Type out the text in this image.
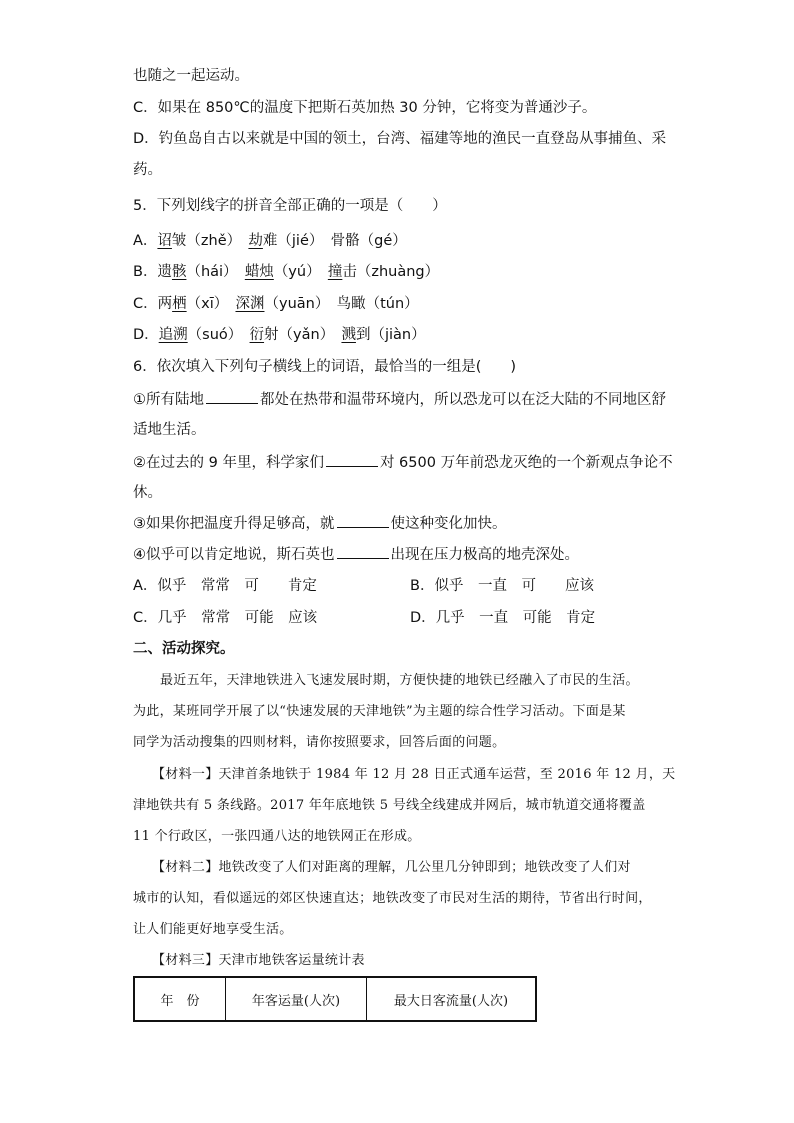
也随之一起运动。
C．如果在 850℃的温度下把斯石英加热 30 分钟，它将变为普通沙子。
D．钓鱼岛自古以来就是中国的领土，台湾、福建等地的渔民一直登岛从事捕鱼、采
药。
5．下列划线字的拼音全部正确的一项是（　　）
A．诏皱（zhě）　劫难（jié）　骨骼（gé）
B．遗骸（hái）　蜡烛（yú）　撞击（zhuàng）
C．两栖（xī）　深渊（yuān）　鸟瞰（tún）
D．追溯（suó）　衍射（yǎn）　溅到（jiàn）
6．依次填入下列句子横线上的词语，最恰当的一组是(　　)
①所有陆地	都处在热带和温带环境内，所以恐龙可以在泛大陆的不同地区舒
适地生活。
②在过去的 9 年里，科学家们	对 6500 万年前恐龙灭绝的一个新观点争论不
休。
③如果你把温度升得足够高，就	使这种变化加快。
④似乎可以肯定地说，斯石英也	出现在压力极高的地壳深处。
A．似乎　常常　可　　肯定	B．似乎　一直　可　　应该
C．几乎　常常　可能　应该	D．几乎　一直　可能　肯定
二、活动探究。
最近五年，天津地铁进入飞速发展时期，方便快捷的地铁已经融入了市民的生活。
为此，某班同学开展了以“快速发展的天津地铁”为主题的综合性学习活动。下面是某
同学为活动搜集的四则材料，请你按照要求，回答后面的问题。
【材料一】天津首条地铁于 1984 年 12 月 28 日正式通车运营，至 2016 年 12 月，天
津地铁共有 5 条线路。2017 年年底地铁 5 号线全线建成并网后，城市轨道交通将覆盖
11 个行政区，一张四通八达的地铁网正在形成。
【材料二】地铁改变了人们对距离的理解，几公里几分钟即到；地铁改变了人们对
城市的认知，看似遥远的郊区快速直达；地铁改变了市民对生活的期待，节省出行时间，
让人们能更好地享受生活。
【材料三】天津市地铁客运量统计表
年　份	年客运量(人次)	最大日客流量(人次)
